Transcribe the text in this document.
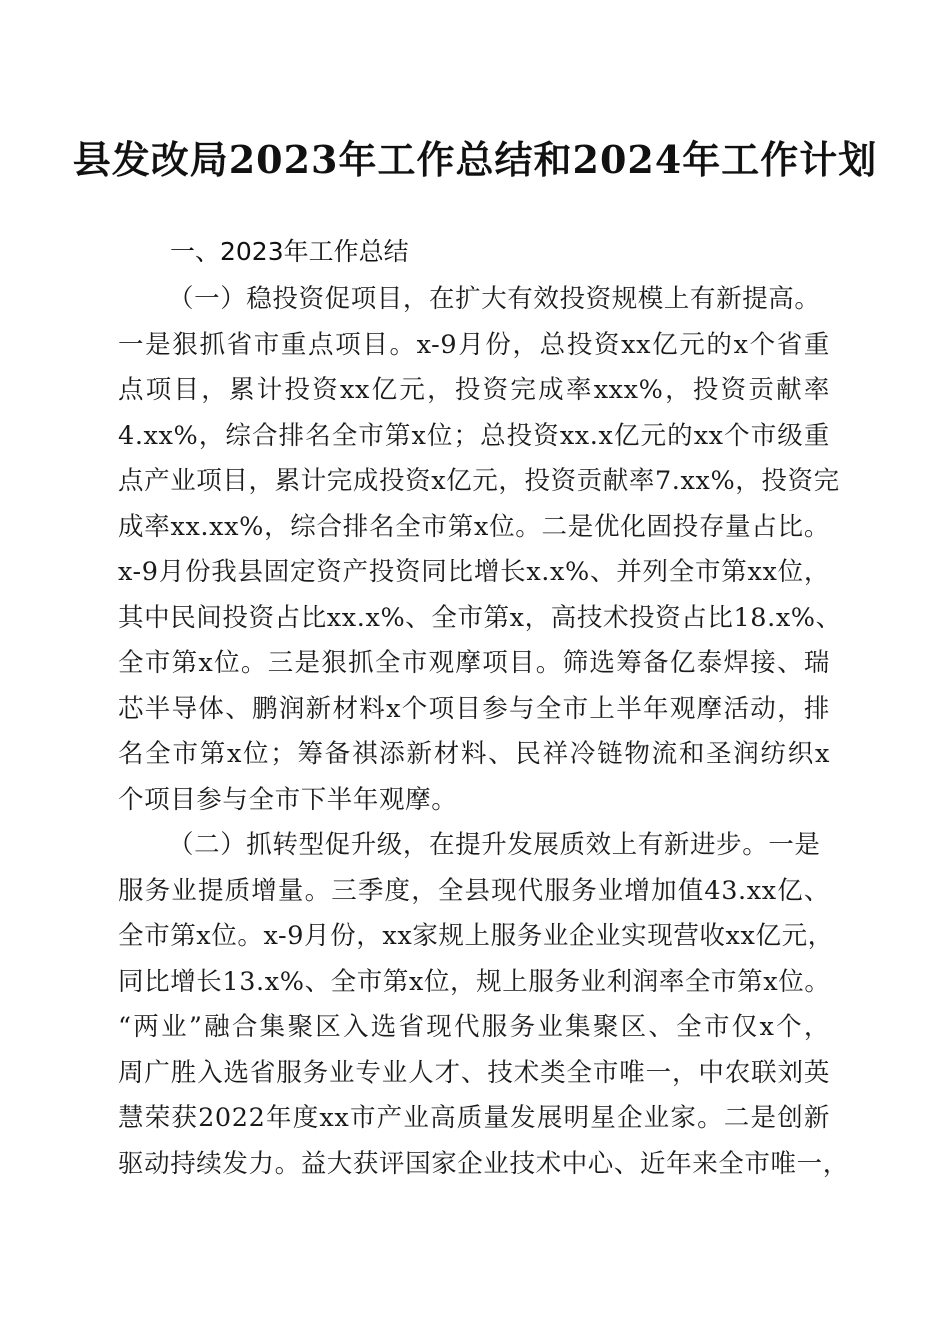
县发改局2023年工作总结和2024年工作计划
一、2023年工作总结
（一）稳投资促项目，在扩大有效投资规模上有新提高。
一是狠抓省市重点项目。x-9月份，总投资xx亿元的x个省重
点项目，累计投资xx亿元，投资完成率xxx%，投资贡献率
4.xx%，综合排名全市第x位；总投资xx.x亿元的xx个市级重
点产业项目，累计完成投资x亿元，投资贡献率7.xx%，投资完
成率xx.xx%，综合排名全市第x位。二是优化固投存量占比。
x-9月份我县固定资产投资同比增长x.x%、并列全市第xx位，
其中民间投资占比xx.x%、全市第x，高技术投资占比18.x%、
全市第x位。三是狠抓全市观摩项目。筛选筹备亿泰焊接、瑞
芯半导体、鹏润新材料x个项目参与全市上半年观摩活动，排
名全市第x位；筹备祺添新材料、民祥冷链物流和圣润纺织x
个项目参与全市下半年观摩。
（二）抓转型促升级，在提升发展质效上有新进步。一是
服务业提质增量。三季度，全县现代服务业增加值43.xx亿、
全市第x位。x-9月份，xx家规上服务业企业实现营收xx亿元，
同比增长13.x%、全市第x位，规上服务业利润率全市第x位。
“两业”融合集聚区入选省现代服务业集聚区、全市仅x个，
周广胜入选省服务业专业人才、技术类全市唯一，中农联刘英
慧荣获2022年度xx市产业高质量发展明星企业家。二是创新
驱动持续发力。益大获评国家企业技术中心、近年来全市唯一，
